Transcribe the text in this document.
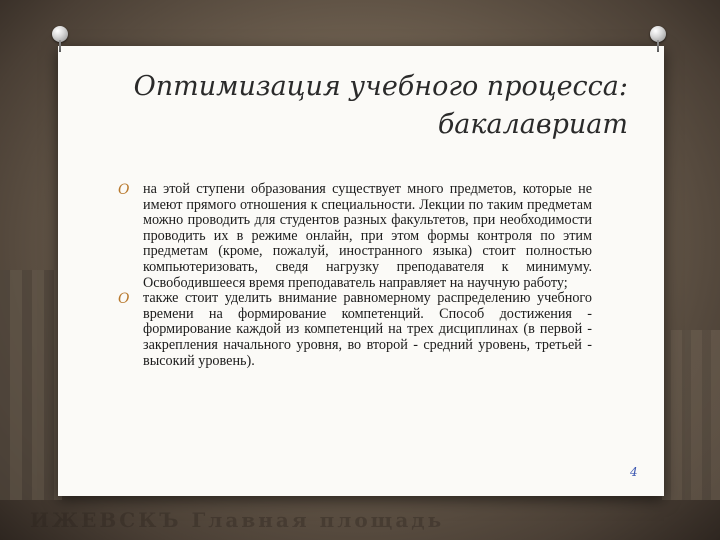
ИЖЕВСКЪ Главная площадь
Оптимизация учебного процесса:
бакалавриат

O на этой ступени образования существует много предметов, которые не имеют прямого отношения к специальности. Лекции по таким предметам можно проводить для студентов разных факультетов, при необходимости проводить их в режиме онлайн, при этом формы контроля по этим предметам (кроме, пожалуй, иностранного языка) стоит полностью компьютеризовать, сведя нагрузку преподавателя к минимуму. Освободившееся время преподаватель направляет на научную работу;

O также стоит уделить внимание равномерному распределению учебного времени на формирование компетенций. Способ достижения - формирование каждой из компетенций на трех дисциплинах (в первой - закрепления начального уровня, во второй - средний уровень, третьей - высокий уровень).

4
